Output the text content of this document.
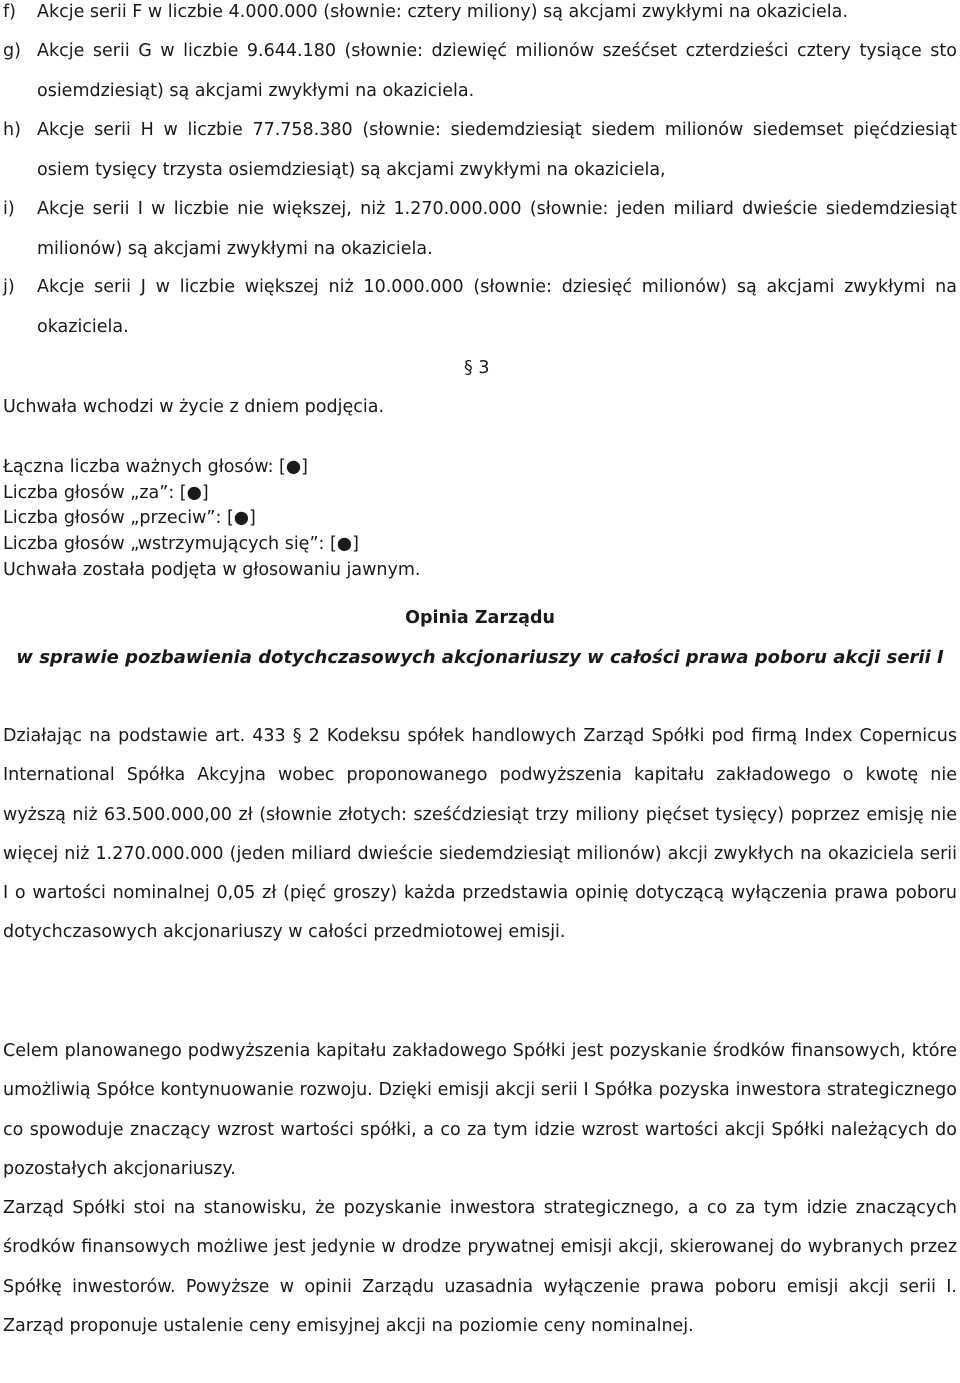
f) Akcje serii F w liczbie 4.000.000 (słownie: cztery miliony) są akcjami zwykłymi na okaziciela.
g) Akcje serii G w liczbie 9.644.180 (słownie: dziewięć milionów sześćset czterdzieści cztery tysiące sto osiemdziesiąt) są akcjami zwykłymi na okaziciela.
h) Akcje serii H w liczbie 77.758.380 (słownie: siedemdziesiąt siedem milionów siedemset pięćdziesiąt osiem tysięcy trzysta osiemdziesiąt) są akcjami zwykłymi na okaziciela,
i) Akcje serii I w liczbie nie większej, niż 1.270.000.000 (słownie: jeden miliard dwieście siedemdziesiąt milionów) są akcjami zwykłymi na okaziciela.
j) Akcje serii J w liczbie większej niż 10.000.000 (słownie: dziesięć milionów) są akcjami zwykłymi na okaziciela.
§ 3
Uchwała wchodzi w życie z dniem podjęcia.
Łączna liczba ważnych głosów: [●]
Liczba głosów „za”: [●]
Liczba głosów „przeciw”: [●]
Liczba głosów „wstrzymujących się”: [●]
Uchwała została podjęta w głosowaniu jawnym.
Opinia Zarządu
w sprawie pozbawienia dotychczasowych akcjonariuszy w całości prawa poboru akcji serii I
Działając na podstawie art. 433 § 2 Kodeksu spółek handlowych Zarząd Spółki pod firmą Index Copernicus International Spółka Akcyjna wobec proponowanego podwyższenia kapitału zakładowego o kwotę nie wyższą niż 63.500.000,00 zł (słownie złotych: sześćdziesiąt trzy miliony pięćset tysięcy) poprzez emisję nie więcej niż 1.270.000.000 (jeden miliard dwieście siedemdziesiąt milionów) akcji zwykłych na okaziciela serii I o wartości nominalnej 0,05 zł (pięć groszy) każda przedstawia opinię dotyczącą wyłączenia prawa poboru dotychczasowych akcjonariuszy w całości przedmiotowej emisji.
Celem planowanego podwyższenia kapitału zakładowego Spółki jest pozyskanie środków finansowych, które umożliwią Spółce kontynuowanie rozwoju. Dzięki emisji akcji serii I Spółka pozyska inwestora strategicznego co spowoduje znaczący wzrost wartości spółki, a co za tym idzie wzrost wartości akcji Spółki należących do pozostałych akcjonariuszy.
Zarząd Spółki stoi na stanowisku, że pozyskanie inwestora strategicznego, a co za tym idzie znaczących środków finansowych możliwe jest jedynie w drodze prywatnej emisji akcji, skierowanej do wybranych przez Spółkę inwestorów. Powyższe w opinii Zarządu uzasadnia wyłączenie prawa poboru emisji akcji serii I. Zarząd proponuje ustalenie ceny emisyjnej akcji na poziomie ceny nominalnej.
